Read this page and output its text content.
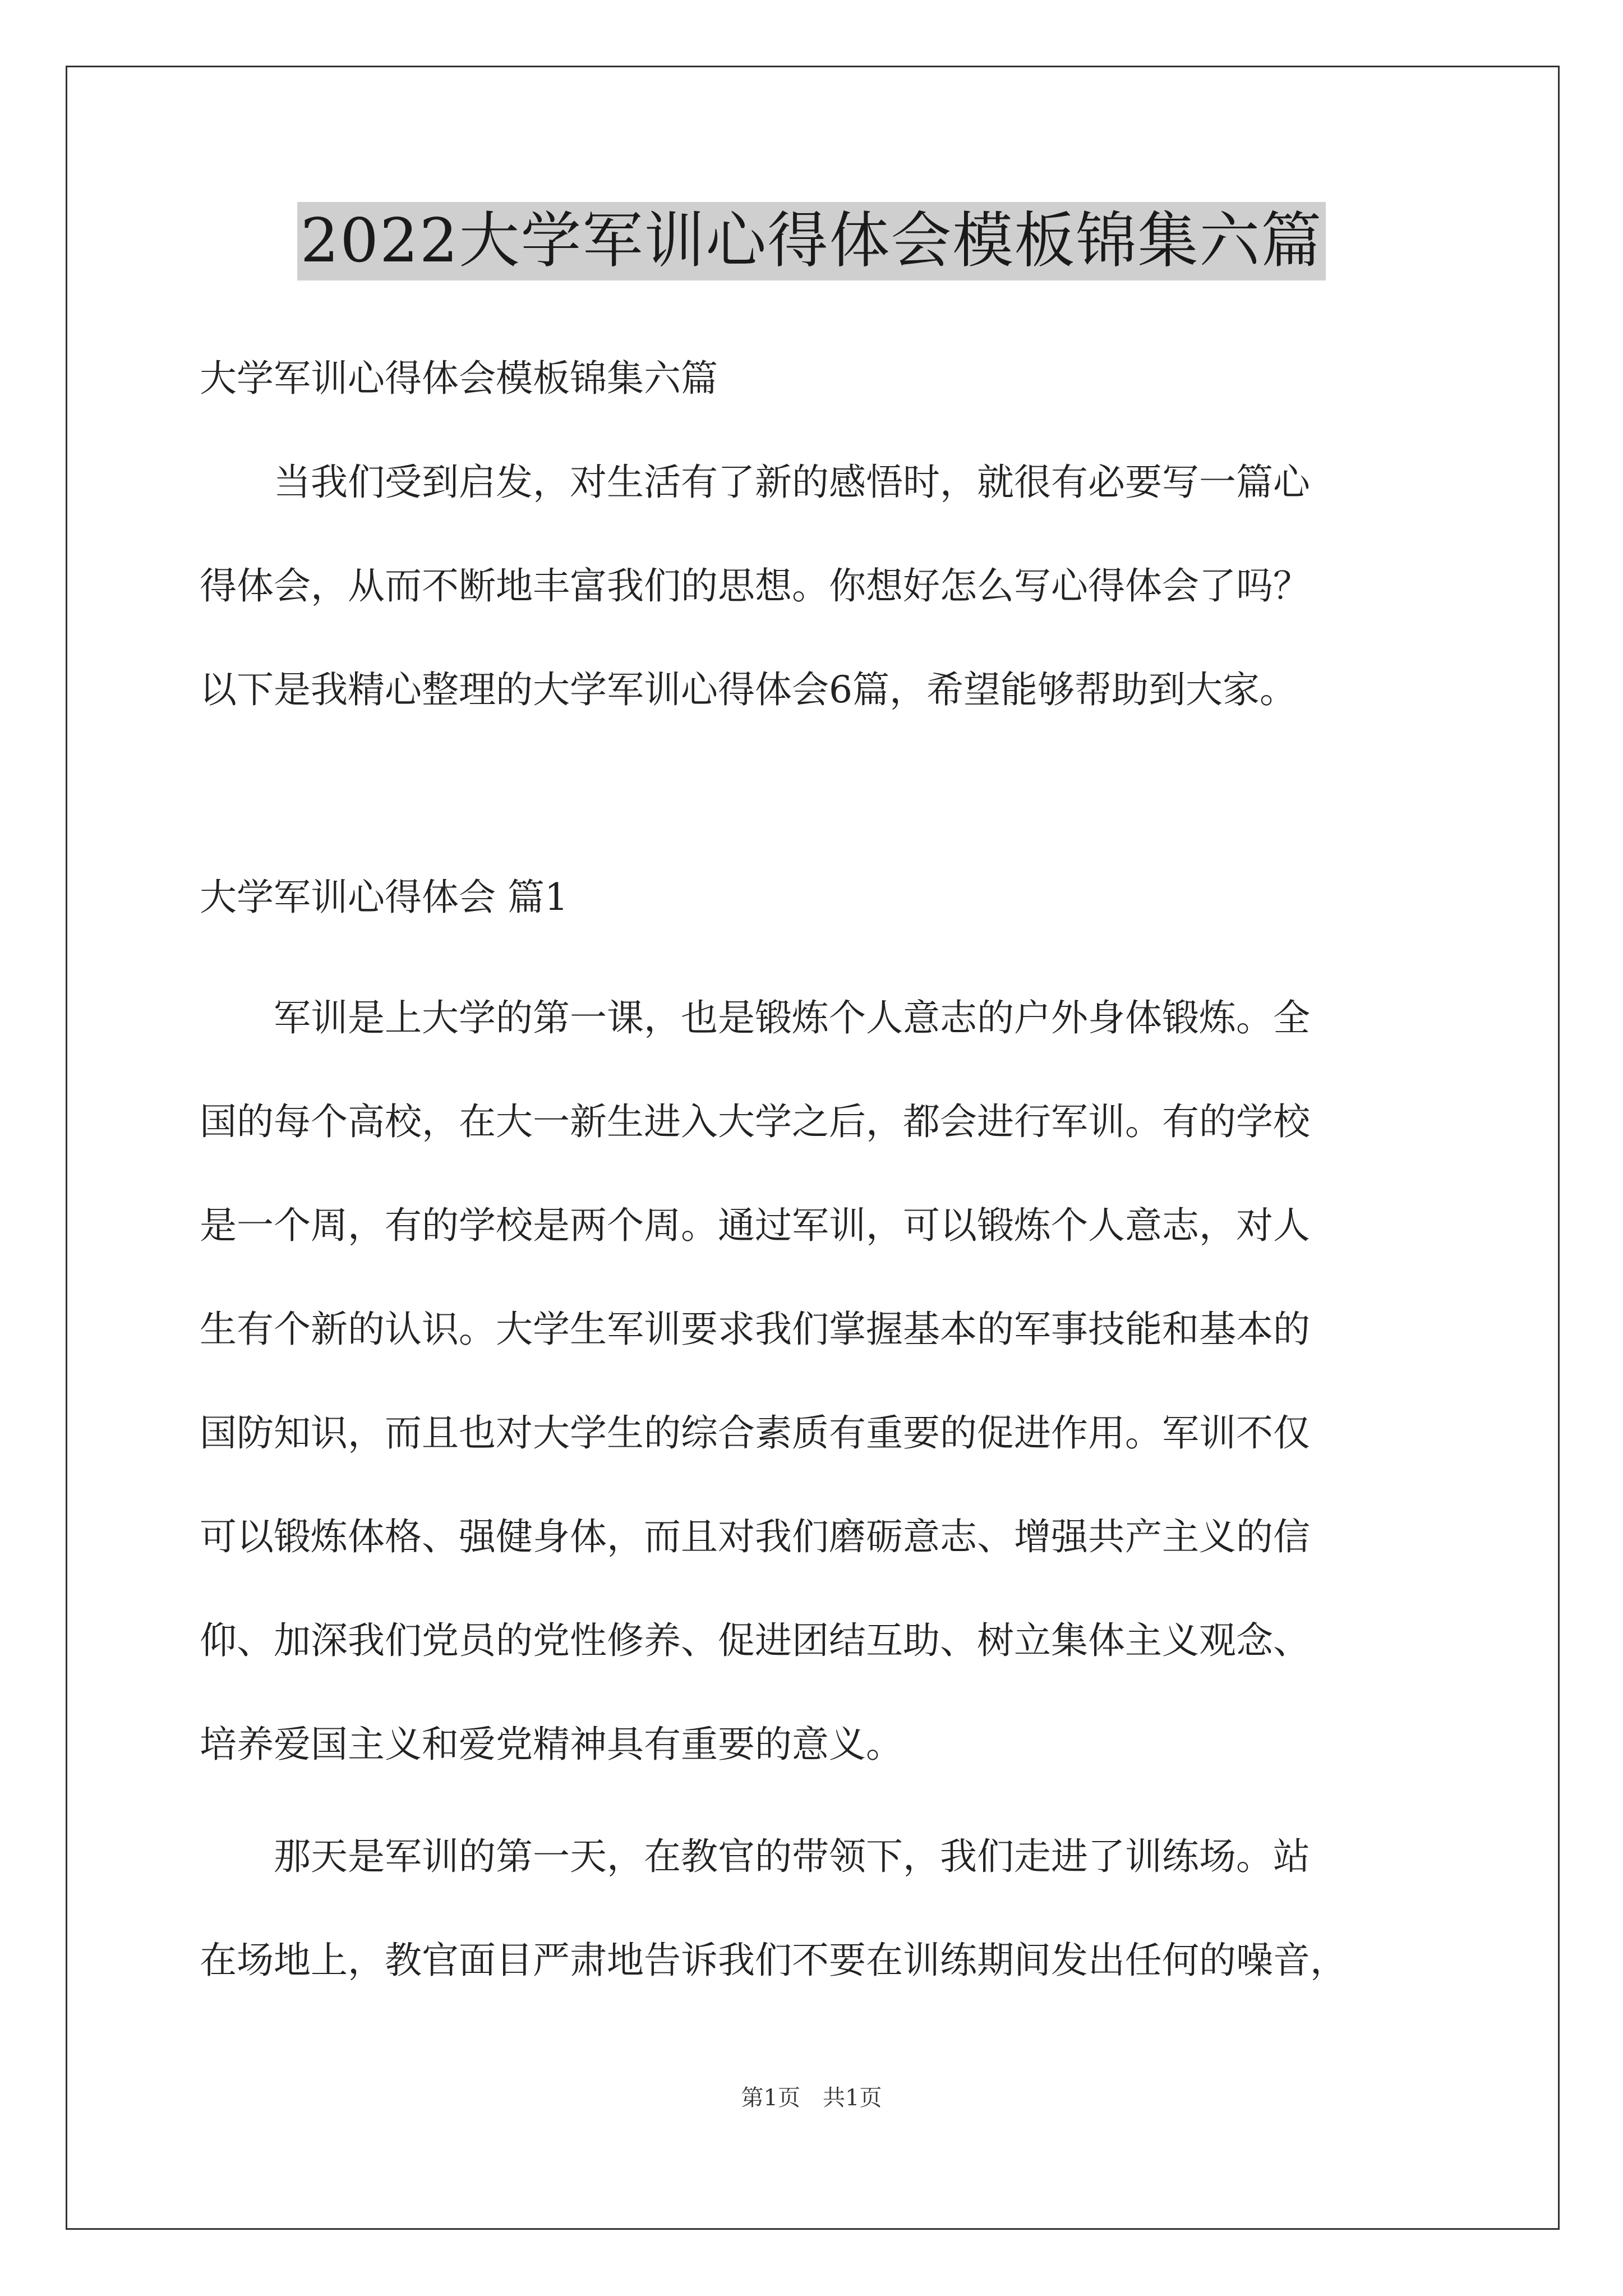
2022大学军训心得体会模板锦集六篇
大学军训心得体会模板锦集六篇
　　当我们受到启发，对生活有了新的感悟时，就很有必要写一篇心
得体会，从而不断地丰富我们的思想。你想好怎么写心得体会了吗？
以下是我精心整理的大学军训心得体会6篇，希望能够帮助到大家。
大学军训心得体会 篇1
　　军训是上大学的第一课，也是锻炼个人意志的户外身体锻炼。全
国的每个高校，在大一新生进入大学之后，都会进行军训。有的学校
是一个周，有的学校是两个周。通过军训，可以锻炼个人意志，对人
生有个新的认识。大学生军训要求我们掌握基本的军事技能和基本的
国防知识，而且也对大学生的综合素质有重要的促进作用。军训不仅
可以锻炼体格、强健身体，而且对我们磨砺意志、增强共产主义的信
仰、加深我们党员的党性修养、促进团结互助、树立集体主义观念、
培养爱国主义和爱党精神具有重要的意义。
　　那天是军训的第一天，在教官的带领下，我们走进了训练场。站
在场地上，教官面目严肃地告诉我们不要在训练期间发出任何的噪音，
第1页　共1页
